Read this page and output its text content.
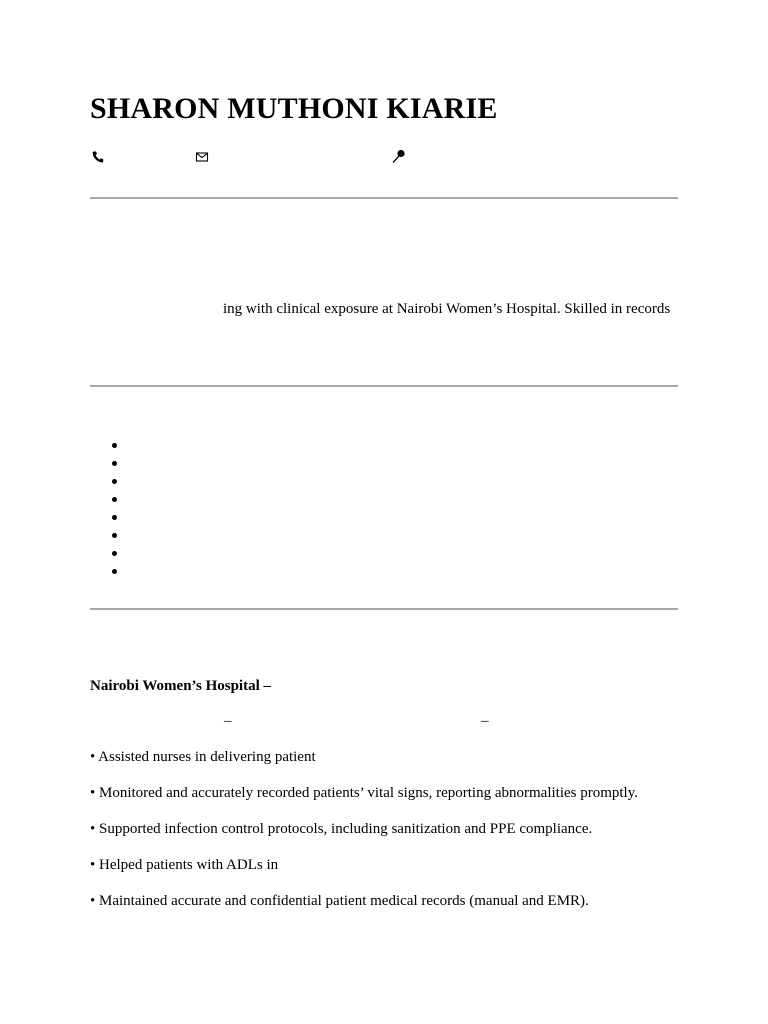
SHARON MUTHONI KIARIE
ing with clinical exposure at Nairobi Women’s Hospital. Skilled in records
Nairobi Women’s Hospital –
–	–
• Assisted nurses in delivering patient
• Monitored and accurately recorded patients’ vital signs, reporting abnormalities promptly.
• Supported infection control protocols, including sanitization and PPE compliance.
• Helped patients with ADLs in
• Maintained accurate and confidential patient medical records (manual and EMR).
